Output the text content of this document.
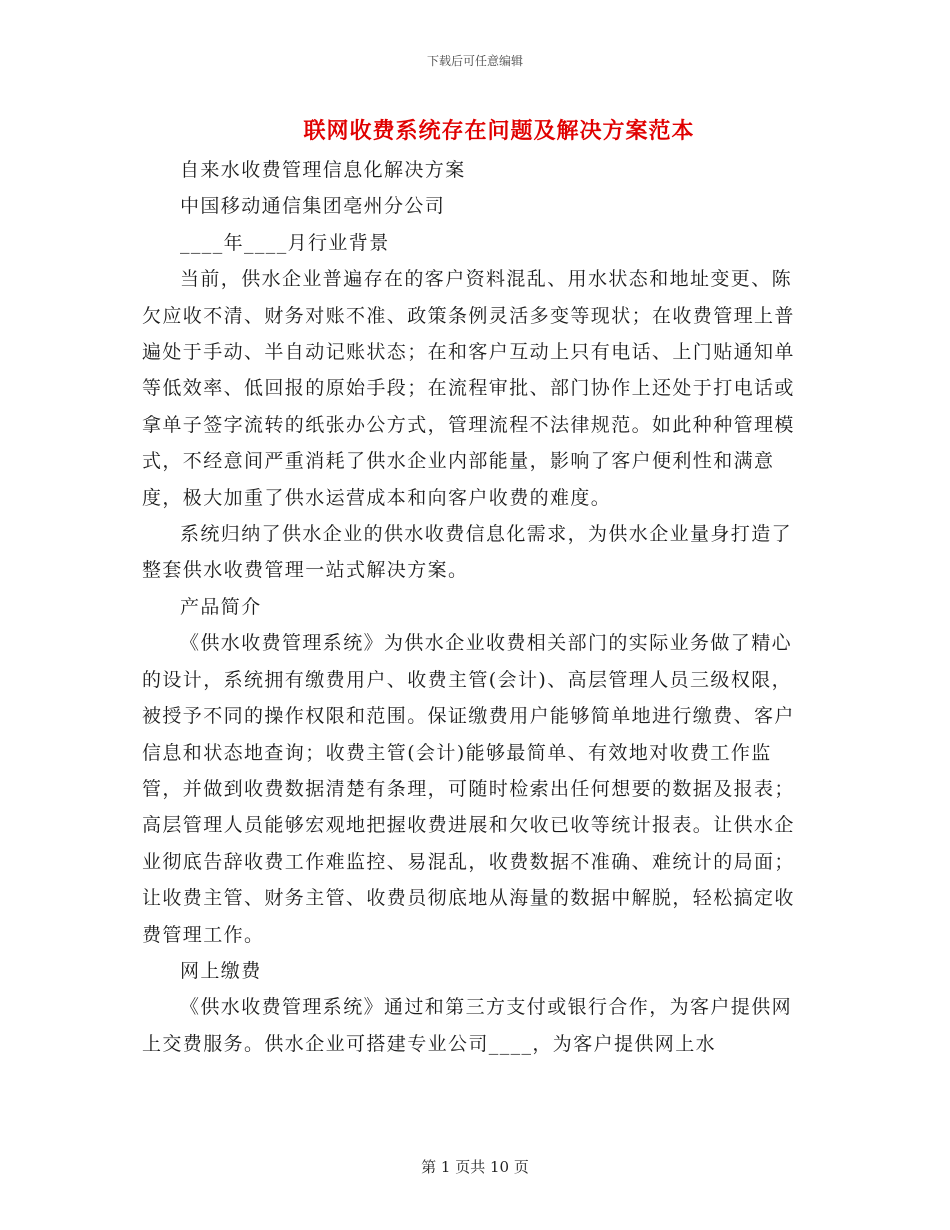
下载后可任意编辑
联网收费系统存在问题及解决方案范本

自来水收费管理信息化解决方案

中国移动通信集团亳州分公司

____年____月行业背景

当前，供水企业普遍存在的客户资料混乱、用水状态和地址变更、陈欠应收不清、财务对账不准、政策条例灵活多变等现状；在收费管理上普遍处于手动、半自动记账状态；在和客户互动上只有电话、上门贴通知单等低效率、低回报的原始手段；在流程审批、部门协作上还处于打电话或拿单子签字流转的纸张办公方式，管理流程不法律规范。如此种种管理模式，不经意间严重消耗了供水企业内部能量，影响了客户便利性和满意度，极大加重了供水运营成本和向客户收费的难度。

系统归纳了供水企业的供水收费信息化需求，为供水企业量身打造了整套供水收费管理一站式解决方案。

产品简介

《供水收费管理系统》为供水企业收费相关部门的实际业务做了精心的设计，系统拥有缴费用户、收费主管(会计)、高层管理人员三级权限，被授予不同的操作权限和范围。保证缴费用户能够简单地进行缴费、客户信息和状态地查询；收费主管(会计)能够最简单、有效地对收费工作监管，并做到收费数据清楚有条理，可随时检索出任何想要的数据及报表；高层管理人员能够宏观地把握收费进展和欠收已收等统计报表。让供水企业彻底告辞收费工作难监控、易混乱，收费数据不准确、难统计的局面；让收费主管、财务主管、收费员彻底地从海量的数据中解脱，轻松搞定收费管理工作。

网上缴费

《供水收费管理系统》通过和第三方支付或银行合作，为客户提供网上交费服务。供水企业可搭建专业公司____，为客户提供网上水

第 1 页共 10 页
